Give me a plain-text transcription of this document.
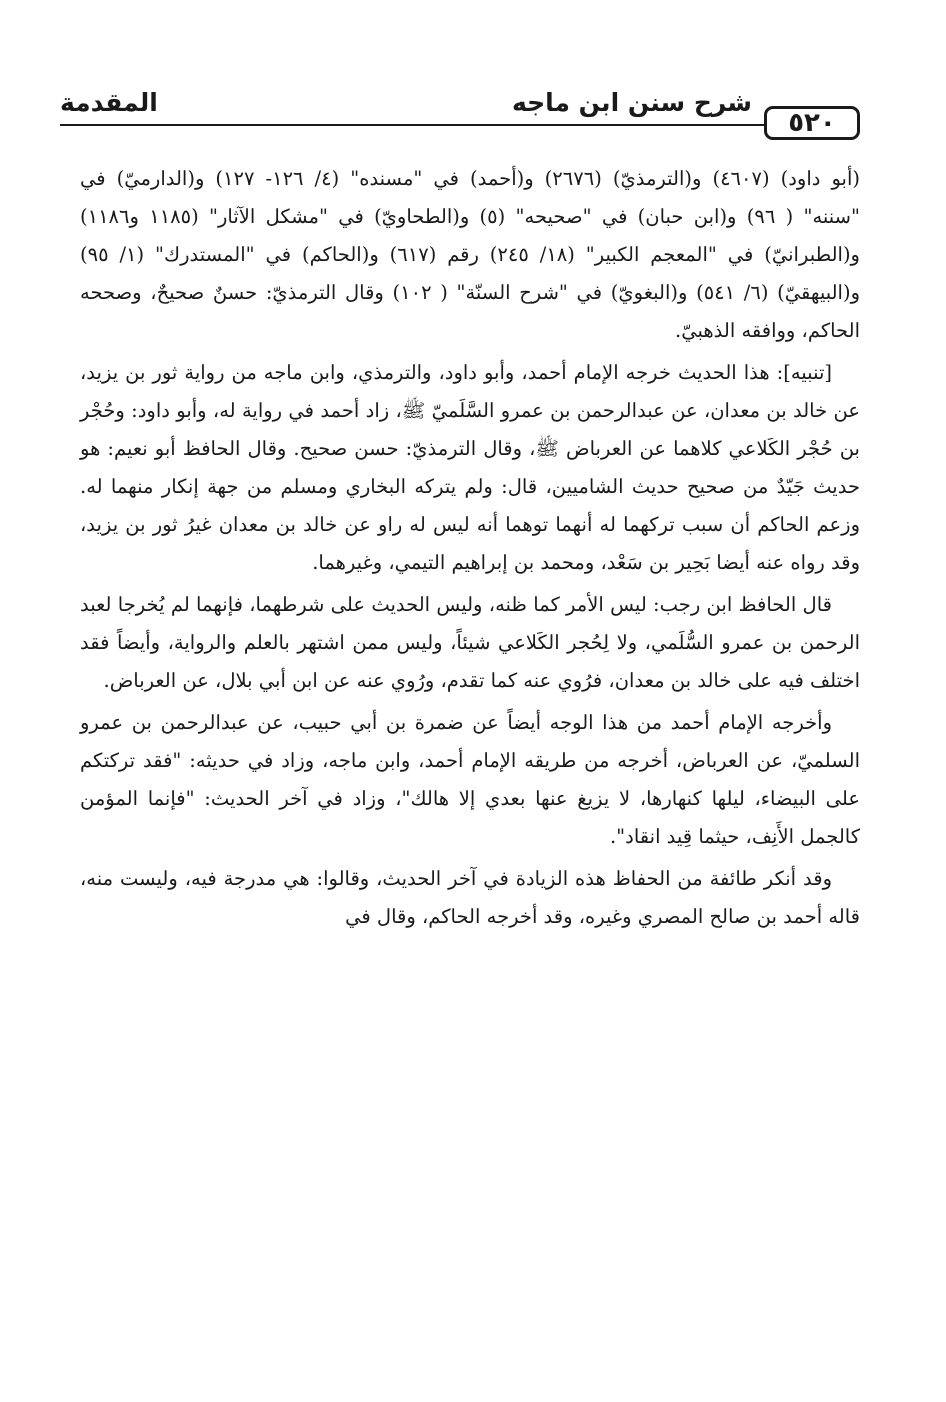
٥٢٠
شرح سنن ابن ماجه
المقدمة

(أبو داود) (٤٦٠٧) و(الترمذيّ) (٢٦٧٦) و(أحمد) في "مسنده" (٤/ ١٢٦- ١٢٧) و(الدارميّ) في "سننه" ( ٩٦) و(ابن حبان) في "صحيحه" (٥) و(الطحاويّ) في "مشكل الآثار" (١١٨٥ و١١٨٦) و(الطبرانيّ) في "المعجم الكبير" (١٨/ ٢٤٥) رقم (٦١٧) و(الحاكم) في "المستدرك" (١/ ٩٥) و(البيهقيّ) (٦/ ٥٤١) و(البغويّ) في "شرح السنّة" ( ١٠٢) وقال الترمذيّ: حسنٌ صحيحٌ، وصححه الحاكم، ووافقه الذهبيّ.

[تنبيه]: هذا الحديث خرجه الإمام أحمد، وأبو داود، والترمذي، وابن ماجه من رواية ثور بن يزيد، عن خالد بن معدان، عن عبدالرحمن بن عمرو السَّلَميّ ﷺ، زاد أحمد في رواية له، وأبو داود: وحُجْر بن حُجْر الكَلاعي كلاهما عن العرباض ﷺ، وقال الترمذيّ: حسن صحيح. وقال الحافظ أبو نعيم: هو حديث جَيّدٌ من صحيح حديث الشاميين، قال: ولم يتركه البخاري ومسلم من جهة إنكار منهما له. وزعم الحاكم أن سبب تركهما له أنهما توهما أنه ليس له راو عن خالد بن معدان غيرُ ثور بن يزيد، وقد رواه عنه أيضا بَحِير بن سَعْد، ومحمد بن إبراهيم التيمي، وغيرهما.

قال الحافظ ابن رجب: ليس الأمر كما ظنه، وليس الحديث على شرطهما، فإنهما لم يُخرجا لعبد الرحمن بن عمرو السُّلَمي، ولا لِحُجر الكَلاعي شيئاً، وليس ممن اشتهر بالعلم والرواية، وأيضاً فقد اختلف فيه على خالد بن معدان، فرُوي عنه كما تقدم، ورُوي عنه عن ابن أبي بلال، عن العرباض.

وأخرجه الإمام أحمد من هذا الوجه أيضاً عن ضمرة بن أبي حبيب، عن عبدالرحمن بن عمرو السلميّ، عن العرباض، أخرجه من طريقه الإمام أحمد، وابن ماجه، وزاد في حديثه: "فقد تركتكم على البيضاء، ليلها كنهارها، لا يزيغ عنها بعدي إلا هالك"، وزاد في آخر الحديث: "فإنما المؤمن كالجمل الأَنِف، حيثما قِيد انقاد".

وقد أنكر طائفة من الحفاظ هذه الزيادة في آخر الحديث، وقالوا: هي مدرجة فيه، وليست منه، قاله أحمد بن صالح المصري وغيره، وقد أخرجه الحاكم، وقال في
